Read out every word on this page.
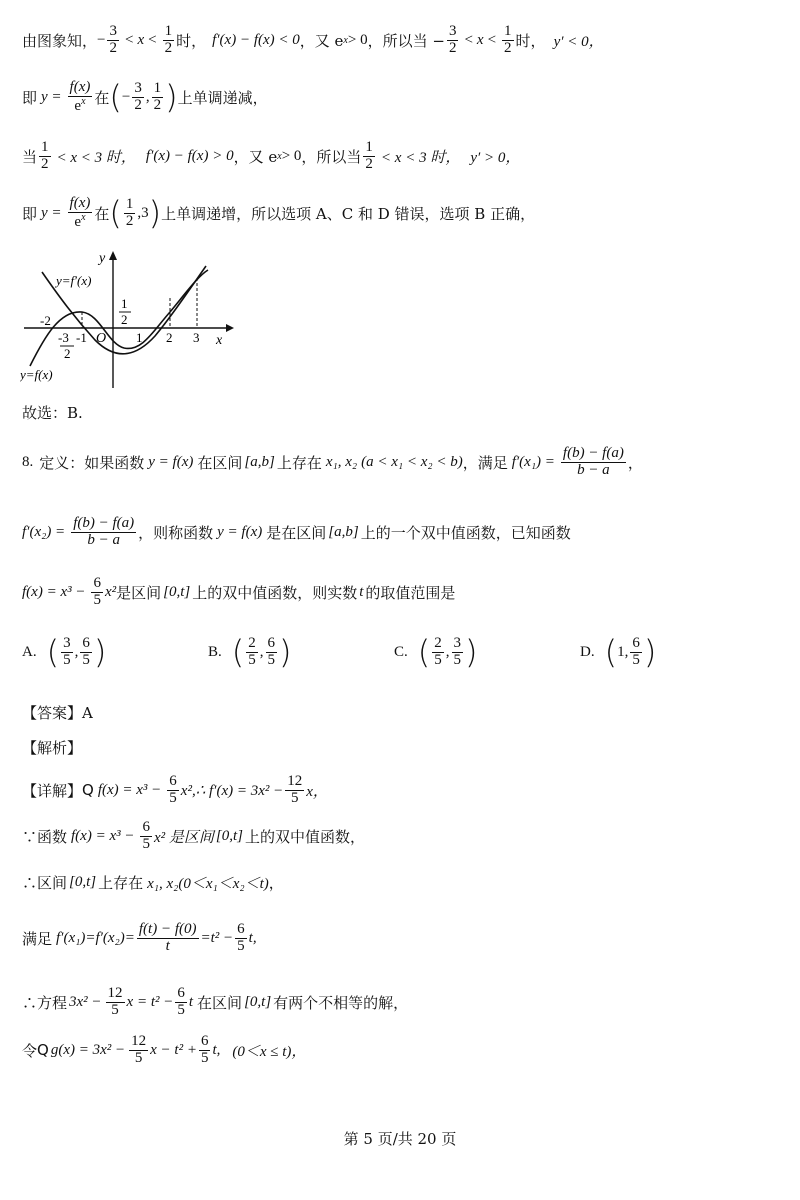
由图象知， − $\frac{3}{2} < x < \frac{1}{2}$ 时， f′(x) − f(x) < 0 ，又 e x > 0 ，所以当 − $\frac{3}{2} < x < \frac{1}{2}$ 时， y′ < 0，
即 $y = \frac{f(x)}{e^x}$ 在 ( − $\frac{3}{2}$ , $\frac{1}{2}$ ) 上单调递减，
当 $\frac{1}{2} < x < 3$ 时， f′(x) − f(x) > 0 ，又 e x > 0 ，所以当 $\frac{1}{2} < x < 3$ 时， y′ > 0，
即 $y = \frac{f(x)}{e^x}$ 在 ( $\frac{1}{2} ,3$ ) 上单调递增，所以选项 A、C 和 D 错误，选项 B 正确，
y
x
y=f′(x)
y=f(x)
-2
-3
2
-1 O 1 2 3
1
2
故选：B.
8. 定义：如果函数 y = f(x) 在区间 [a,b] 上存在 x₁, x₂ (a < x₁ < x₂ < b) ，满足 $f'(x_1) = \frac{f(b) - f(a)}{b - a}$ ，
$f'(x_2) = \frac{f(b) - f(a)}{b - a}$ ，则称函数 y = f(x) 是在区间 [a,b] 上的一个双中值函数，已知函数
$f(x) = x^3 - \frac{6}{5} x^2$ 是区间 [0,t] 上的双中值函数，则实数 t 的取值范围是
A. ( $\frac{3}{5}$ , $\frac{6}{5}$ )	B. ( $\frac{2}{5}$ , $\frac{6}{5}$ )	C. ( $\frac{2}{5}$ , $\frac{3}{5}$ )	D. ( 1 , $\frac{6}{5}$ )
【答案】A
【解析】
【详解】 Q $f(x) = x^3 - \frac{6}{5}$ x²,∴ $f'(x) = 3x^2 - \frac{12}{5}$ x，
∵函数 $f(x) = x^3 - \frac{6}{5} x^2$ 是区间 [0,t] 上的双中值函数，
∴区间 [0,t] 上存在 x₁, x₂(0＜x₁＜x₂＜t) ，
满足 $f'(x_1)=f'(x_2)= \frac{f(t) - f(0)}{t} =t^2 - \frac{6}{5} t$,
∴方程 $3x^2 - \frac{12}{5}$ $x = t^2 - \frac{6}{5}$ t 在区间 [0,t] 有两个不相等的解，
令 Q $g(x) = 3x^2 - \frac{12}{5}$ $x - t^2 + \frac{6}{5} t$, (0＜x ≤ t)，
第 5 页/共 20 页
